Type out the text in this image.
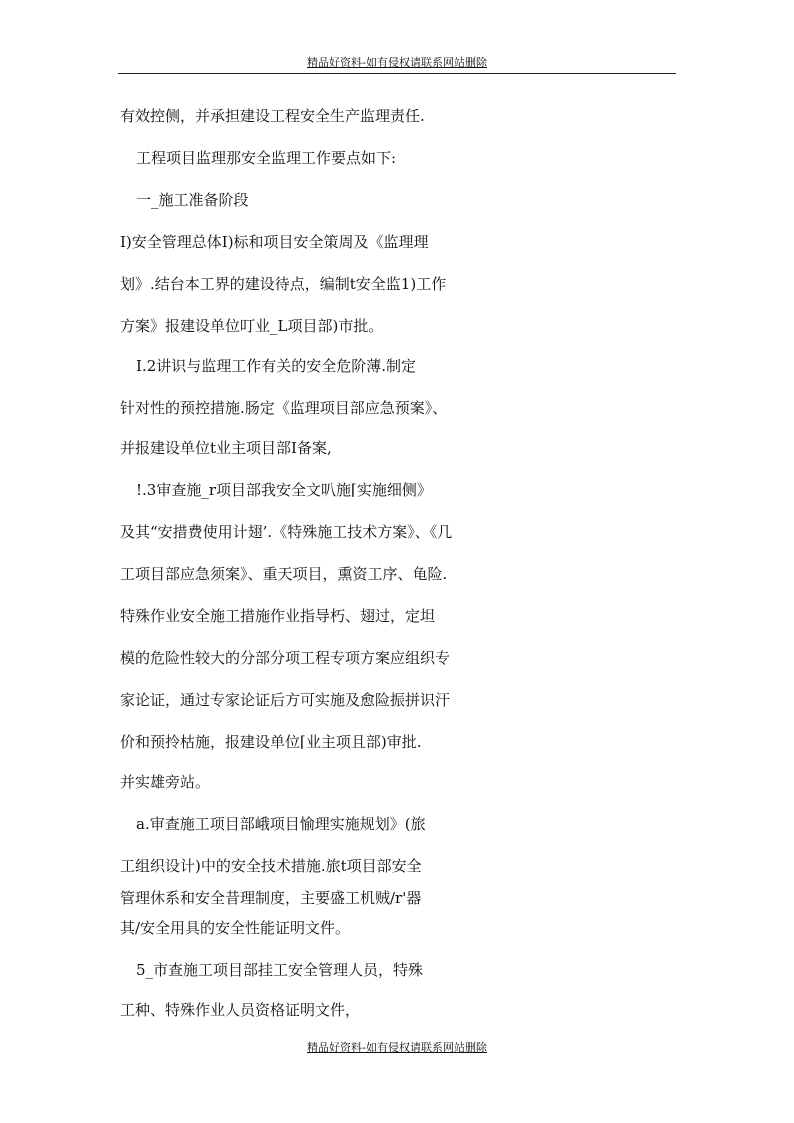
精品好资料-如有侵权请联系网站删除
有效控侧，并承担建设工程安全生产监理责任.
工程项目监理那安全监理工作要点如下:
一_施工准备阶段
I)安全管理总体I)标和项目安全策周及《监理理
划》.结台本工界的建设待点，编制t安全监1)工作
方案》报建设单位叮业_L项目部)市批。
I.2讲识与监理工作有关的安全危阶薄.制定
针对性的预控措施.肠定《监理项目部应急预案》、
并报建设单位t业主项目部I备案,
!.3审查施_r项目部我安全文叭施⌈实施细侧》
及其“安措费使用计翅’.《特殊施工技术方案》、《几
工项目部应急须案》、重天项目，熏资工序、龟险.
特殊作业安全施工措施作业指导朽、翅过，定坦
模的危险性较大的分部分项工程专项方案应组织专
家论证，通过专家论证后方可实施及愈险振拼识汗
价和预拎枯施，报建设单位⌈业主项且部)审批.
并实雄旁站。
a.审查施工项目部峨项目愉理实施规划》(旅
工组织设计)中的安全技术措施.旅t项目部安全
管理休系和安全昔理制度，主要盛工机贼/r'器
其/安全用具的安全性能证明文件。
5_市查施工项目部挂工安全管理人员，特殊
工种、特殊作业人员资格证明文件，
精品好资料-如有侵权请联系网站删除
